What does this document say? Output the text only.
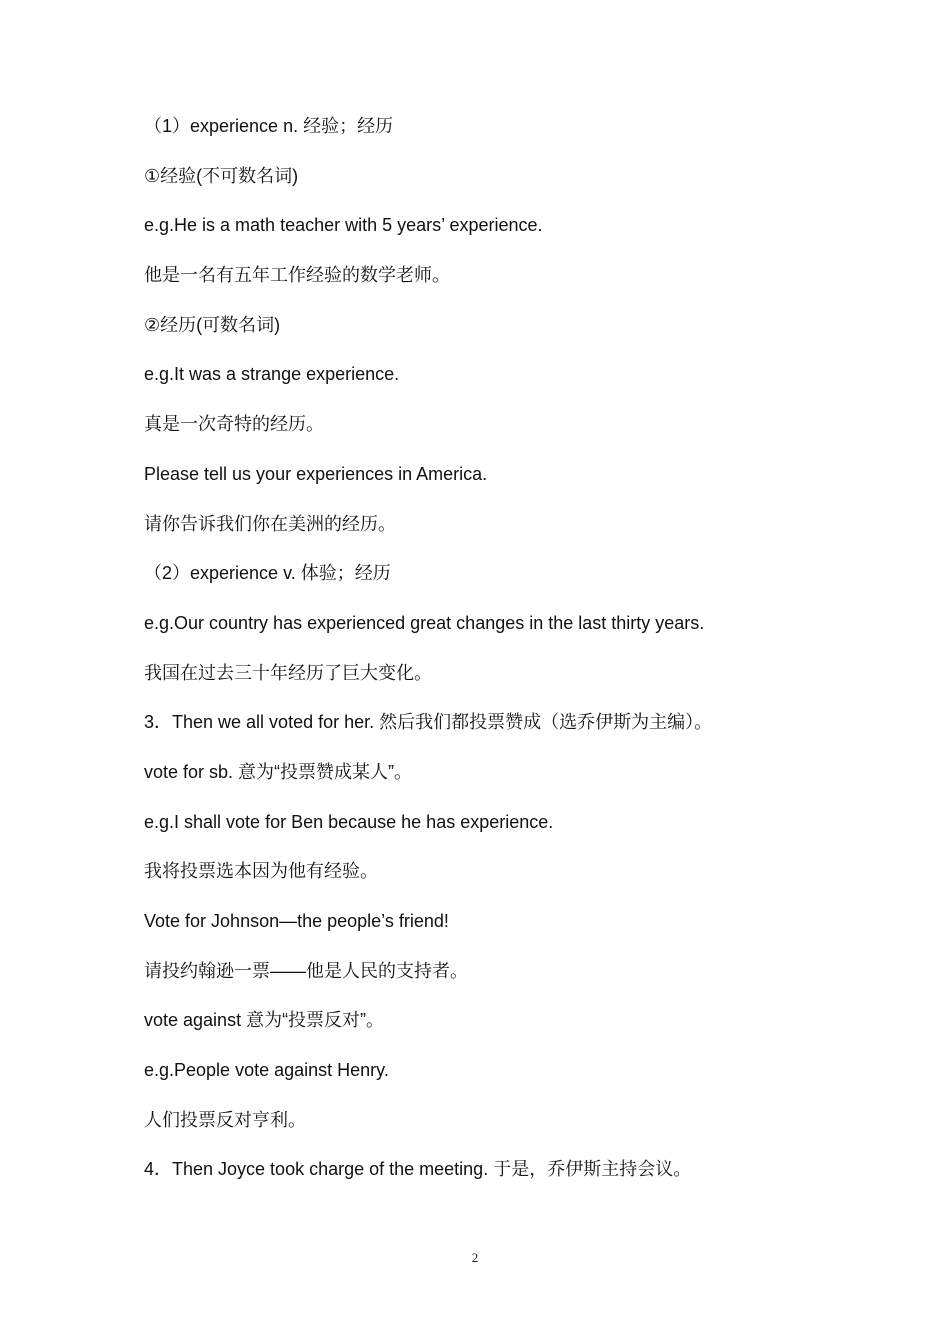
（1）experience n. 经验；经历
①经验(不可数名词)
e.g.He is a math teacher with 5 years’ experience.
他是一名有五年工作经验的数学老师。
②经历(可数名词)
e.g.It was a strange experience.
真是一次奇特的经历。
Please tell us your experiences in America.
请你告诉我们你在美洲的经历。
（2）experience v. 体验；经历
e.g.Our country has experienced great changes in the last thirty years.
我国在过去三十年经历了巨大变化。
3．Then we all voted for her. 然后我们都投票赞成（选乔伊斯为主编）。
vote for sb. 意为“投票赞成某人”。
e.g.I shall vote for Ben because he has experience.
我将投票选本因为他有经验。
Vote for Johnson—the people’s friend!
请投约翰逊一票——他是人民的支持者。
vote against 意为“投票反对”。
e.g.People vote against Henry.
人们投票反对亨利。
4．Then Joyce took charge of the meeting. 于是，乔伊斯主持会议。
2
